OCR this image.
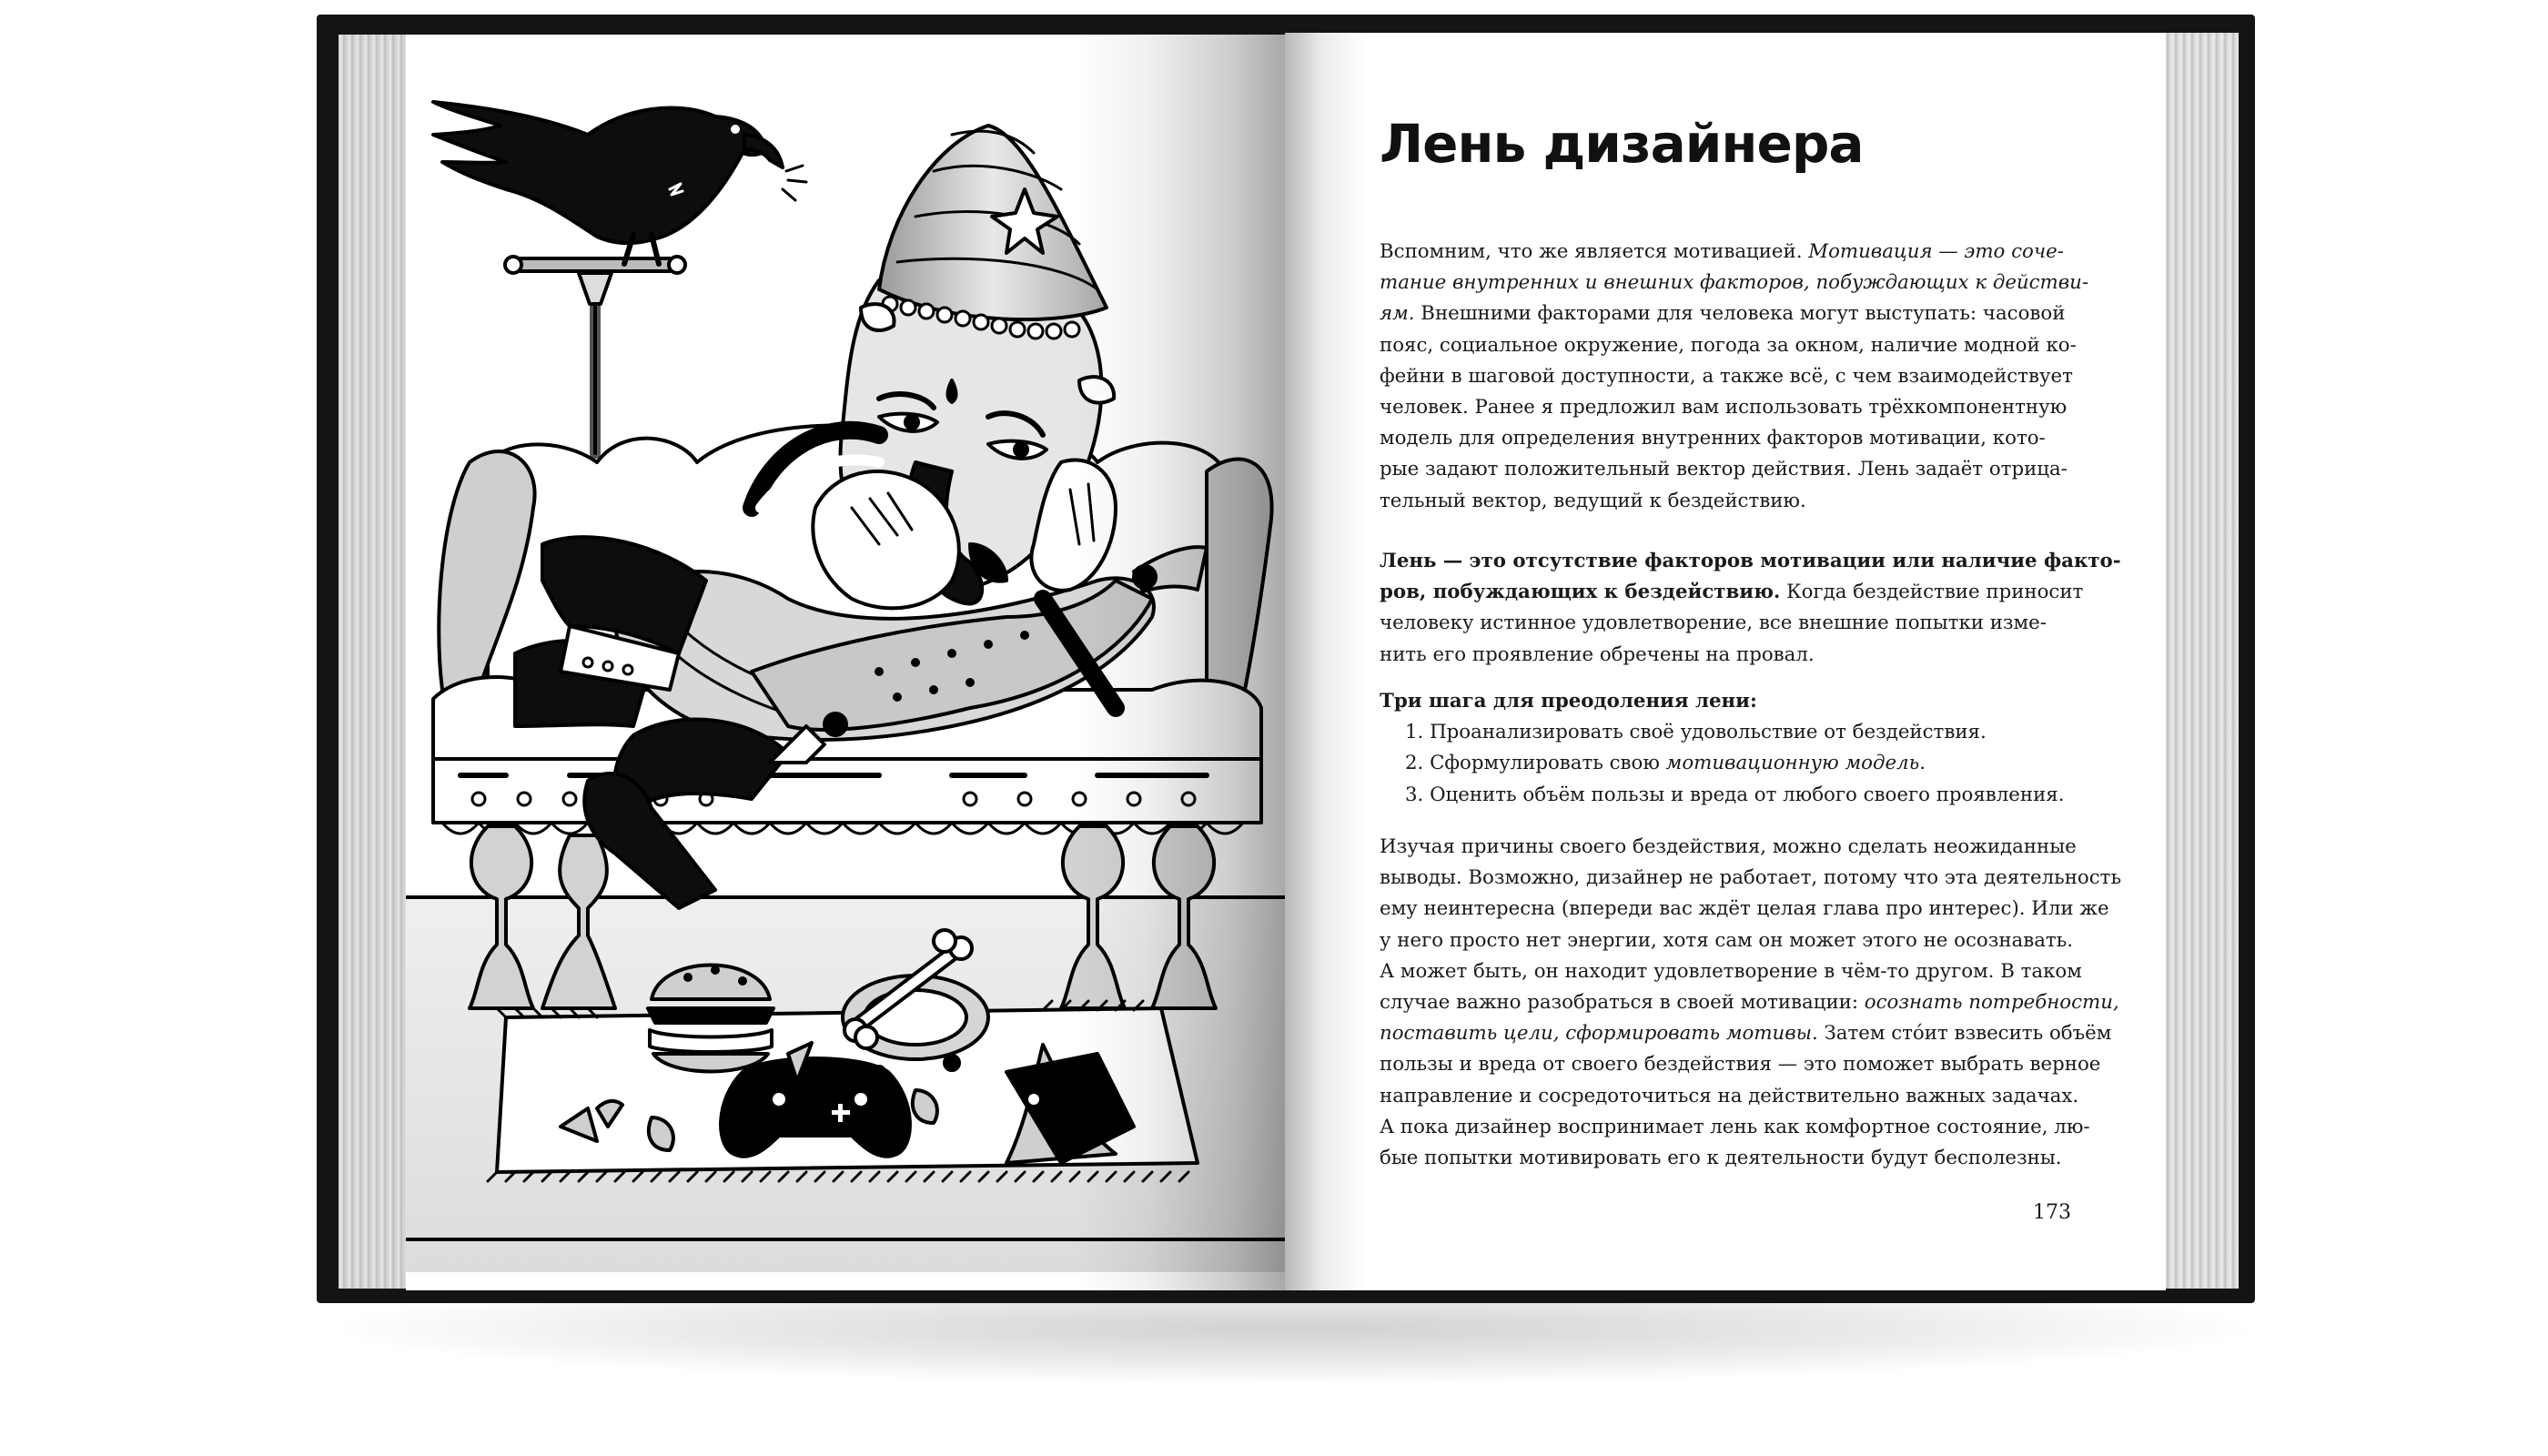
Лень дизайнера
Вспомним, что же является мотивацией. Мотивация — это сочe-
тание внутренних и внешних факторов, побуждающих к действи-
ям. Внешними факторами для человека могут выступать: часовой
пояс, социальное окружение, погода за окном, наличие модной ко-
фейни в шаговой доступности, а также всё, с чем взаимодействует
человек. Ранее я предложил вам использовать трёхкомпонентную
модель для определения внутренних факторов мотивации, кото-
рые задают положительный вектор действия. Лень задаёт отрица-
тельный вектор, ведущий к бездействию.
Лень — это отсутствие факторов мотивации или наличие факто-
ров, побуждающих к бездействию. Когда бездействие приносит
человеку истинное удовлетворение, все внешние попытки изме-
нить его проявление обречены на провал.
Три шага для преодоления лени:
1. Проанализировать своё удовольствие от бездействия.
2. Сформулировать свою мотивационную модель.
3. Оценить объём пользы и вреда от любого своего проявления.
Изучая причины своего бездействия, можно сделать неожиданные
выводы. Возможно, дизайнер не работает, потому что эта деятельность
ему неинтересна (впереди вас ждёт целая глава про интерес). Или же
у него просто нет энергии, хотя сам он может этого не осознавать.
А может быть, он находит удовлетворение в чём-то другом. В таком
случае важно разобраться в своей мотивации: осознать потребности,
поставить цели, сформировать мотивы. Затем стóит взвесить объём
пользы и вреда от своего бездействия — это поможет выбрать верное
направление и сосредоточиться на действительно важных задачах.
А пока дизайнер воспринимает лень как комфортное состояние, лю-
бые попытки мотивировать его к деятельности будут бесполезны.
173
